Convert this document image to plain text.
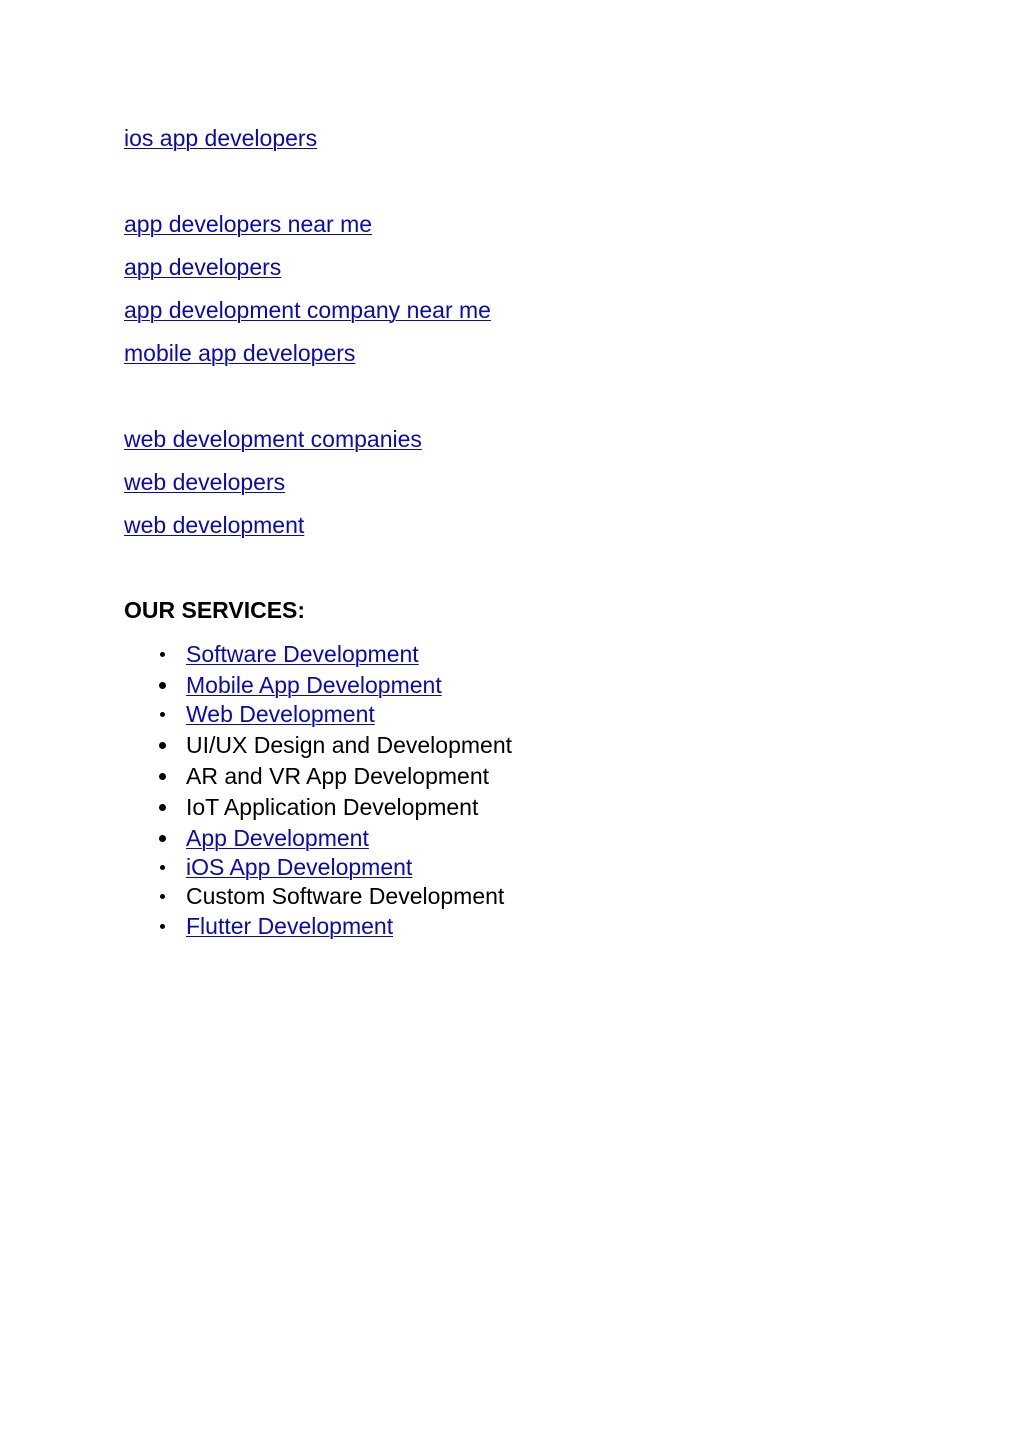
ios app developers
app developers near me
app developers
app development company near me
mobile app developers
web development companies
web developers
web development
OUR SERVICES:
Software Development
Mobile App Development
Web Development
UI/UX Design and Development
AR and VR App Development
IoT Application Development
App Development
iOS App Development
Custom Software Development
Flutter Development
